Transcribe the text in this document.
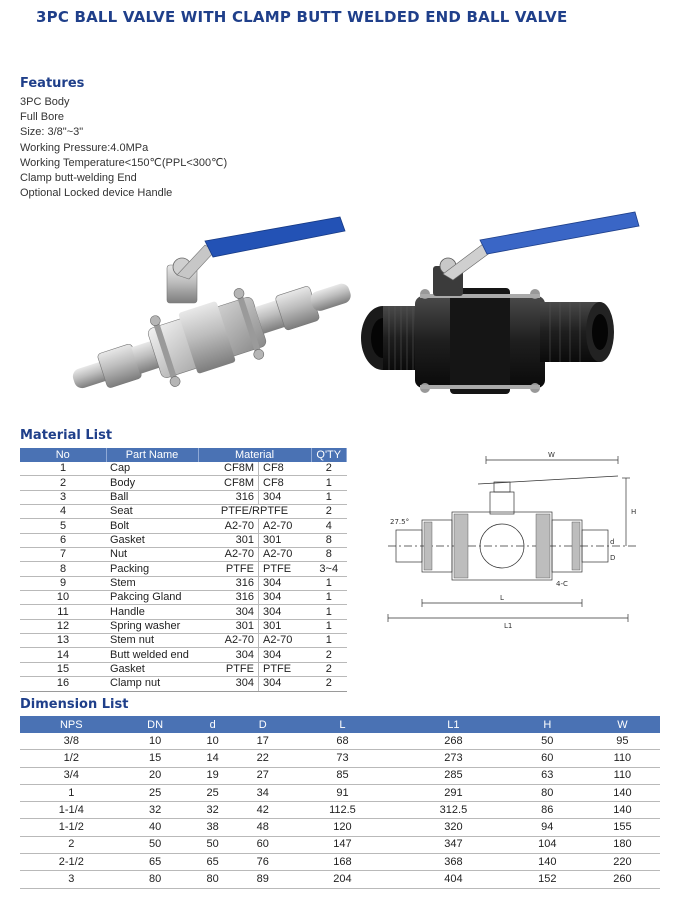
3PC BALL VALVE WITH CLAMP BUTT WELDED END BALL VALVE
Features
3PC Body
Full Bore
Size: 3/8"~3"
Working Pressure:4.0MPa
Working Temperature<150℃(PPL<300℃)
Clamp butt-welding End
Optional Locked device Handle
Material List
No	Part Name	Material		Q'TY
1	Cap	CF8M	CF8	2
2	Body	CF8M	CF8	1
3	Ball	316	304	1
4	Seat	PTFE/RPTFE		2
5	Bolt	A2-70	A2-70	4
6	Gasket	301	301	8
7	Nut	A2-70	A2-70	8
8	Packing	PTFE	PTFE	3~4
9	Stem	316	304	1
10	Pakcing Gland	316	304	1
11	Handle	304	304	1
12	Spring washer	301	301	1
13	Stem nut	A2-70	A2-70	1
14	Butt welded end	304	304	2
15	Gasket	PTFE	PTFE	2
16	Clamp nut	304	304	2
W
H
L
L1
d
D
27.5°
4-C
Dimension List
NPS	DN	d	D	L	L1	H	W
3/8	10	10	17	68	268	50	95
1/2	15	14	22	73	273	60	110
3/4	20	19	27	85	285	63	110
1	25	25	34	91	291	80	140
1-1/4	32	32	42	112.5	312.5	86	140
1-1/2	40	38	48	120	320	94	155
2	50	50	60	147	347	104	180
2-1/2	65	65	76	168	368	140	220
3	80	80	89	204	404	152	260
